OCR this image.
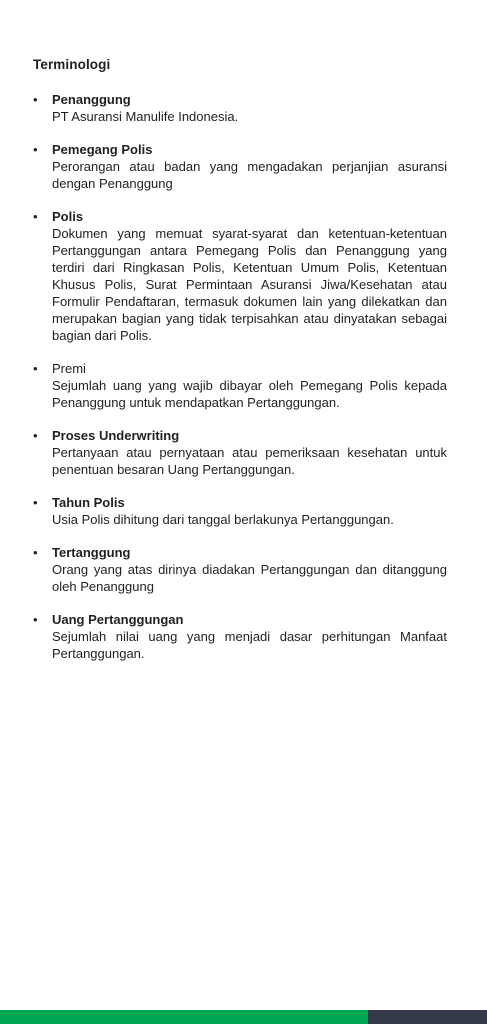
Terminologi
• Penanggung
PT Asuransi Manulife Indonesia.
• Pemegang Polis
Perorangan atau badan yang mengadakan perjanjian asuransi dengan Penanggung
• Polis
Dokumen yang memuat syarat-syarat dan ketentuan-ketentuan Pertanggungan antara Pemegang Polis dan Penanggung yang terdiri dari Ringkasan Polis, Ketentuan Umum Polis, Ketentuan Khusus Polis, Surat Permintaan Asuransi Jiwa/Kesehatan atau Formulir Pendaftaran, termasuk dokumen lain yang dilekatkan dan merupakan bagian yang tidak terpisahkan atau dinyatakan sebagai bagian dari Polis.
• Premi
Sejumlah uang yang wajib dibayar oleh Pemegang Polis kepada Penanggung untuk mendapatkan Pertanggungan.
• Proses Underwriting
Pertanyaan atau pernyataan atau pemeriksaan kesehatan untuk penentuan besaran Uang Pertanggungan.
• Tahun Polis
Usia Polis dihitung dari tanggal berlakunya Pertanggungan.
• Tertanggung
Orang yang atas dirinya diadakan Pertanggungan dan ditanggung oleh Penanggung
• Uang Pertanggungan
Sejumlah nilai uang yang menjadi dasar perhitungan Manfaat Pertanggungan.
